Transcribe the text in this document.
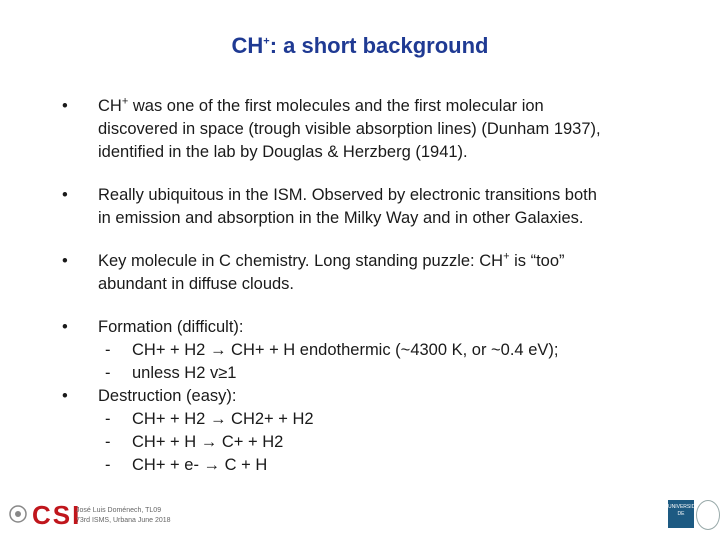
CH+: a short background
• CH+ was one of the first molecules and the first molecular ion
discovered in space (trough visible absorption lines) (Dunham 1937),
identified in the lab by Douglas & Herzberg (1941).
• Really ubiquitous in the ISM. Observed by electronic transitions both
in emission and absorption in the Milky Way and in other Galaxies.
• Key molecule in C chemistry. Long standing puzzle: CH+ is “too”
abundant in diffuse clouds.
• Formation (difficult):
- CH+ + H2 → CH+ + H endothermic (~4300 K, or ~0.4 eV);
- unless H2 v≥1
• Destruction (easy):
- CH+ + H2 → CH2+ + H2
- CH+ + H → C+ + H2
- CH+ + e- → C + H
CSI
José Luis Doménech, TL09
73rd ISMS, Urbana June 2018
UNIVERSIDAD DE
